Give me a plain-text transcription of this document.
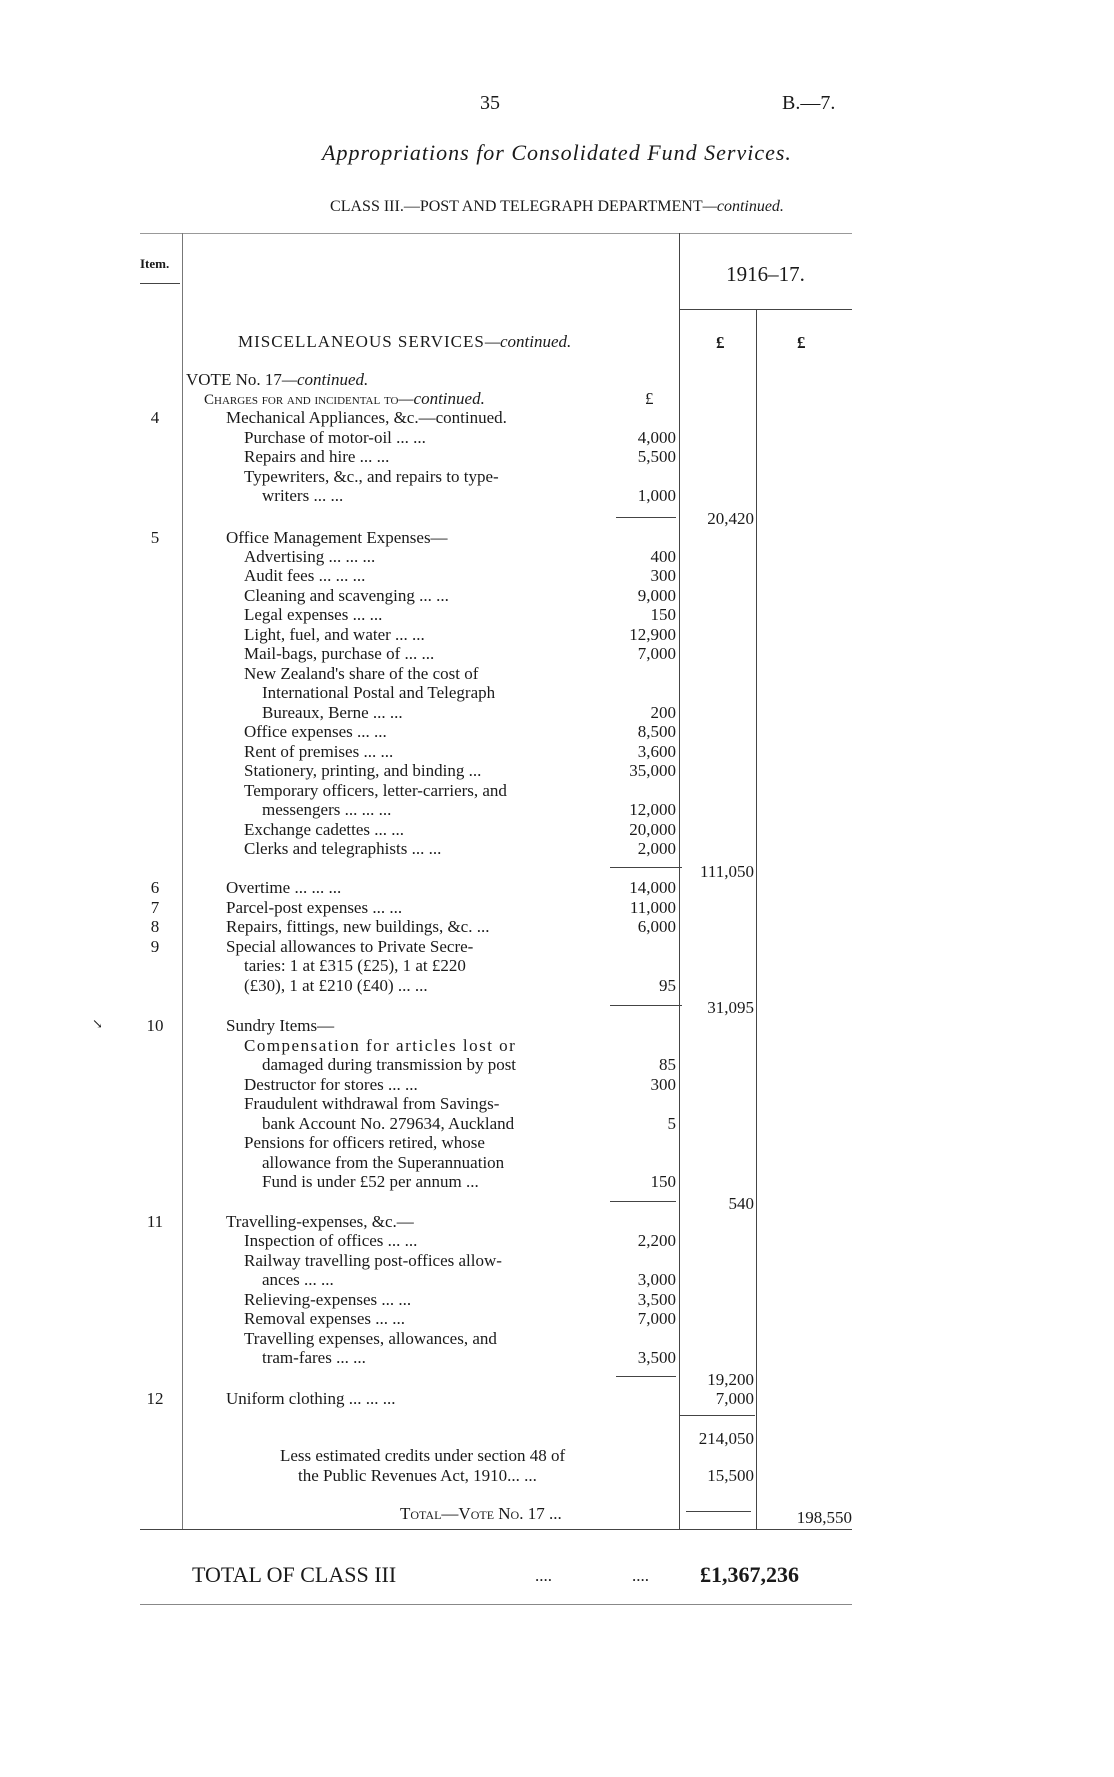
35	B.—7.
Appropriations for Consolidated Fund Services.
CLASS III.—POST AND TELEGRAPH DEPARTMENT—continued.
Item.	1916–17.
£	£
MISCELLANEOUS SERVICES—continued.
VOTE No. 17—continued.
Charges for and incidental to—continued.	£
4	Mechanical Appliances, &c.—continued.
Purchase of motor-oil ... ...	4,000
Repairs and hire ... ...	5,500
Typewriters, &c., and repairs to type-
writers ... ...	1,000
20,420
5	Office Management Expenses—
Advertising ... ... ...	400
Audit fees ... ... ...	300
Cleaning and scavenging ... ...	9,000
Legal expenses ... ...	150
Light, fuel, and water ... ...	12,900
Mail-bags, purchase of ... ...	7,000
New Zealand's share of the cost of
International Postal and Telegraph
Bureaux, Berne ... ...	200
Office expenses ... ...	8,500
Rent of premises ... ...	3,600
Stationery, printing, and binding ...	35,000
Temporary officers, letter-carriers, and
messengers ... ... ...	12,000
Exchange cadettes ... ...	20,000
Clerks and telegraphists ... ...	2,000
111,050
6	Overtime ... ... ...	14,000
7	Parcel-post expenses ... ...	11,000
8	Repairs, fittings, new buildings, &c. ...	6,000
9	Special allowances to Private Secre-
taries: 1 at £315 (£25), 1 at £220
(£30), 1 at £210 (£40) ... ...	95
31,095
↘	10	Sundry Items—
Compensation for articles lost or
damaged during transmission by post	85
Destructor for stores ... ...	300
Fraudulent withdrawal from Savings-
bank Account No. 279634, Auckland	5
Pensions for officers retired, whose
allowance from the Superannuation
Fund is under £52 per annum ...	150
540
11	Travelling-expenses, &c.—
Inspection of offices ... ...	2,200
Railway travelling post-offices allow-
ances ... ...	3,000
Relieving-expenses ... ...	3,500
Removal expenses ... ...	7,000
Travelling expenses, allowances, and
tram-fares ... ...	3,500
19,200
12	Uniform clothing ... ... ...	7,000
214,050
Less estimated credits under section 48 of
the Public Revenues Act, 1910... ...	15,500
Total—Vote No. 17 ...	198,550
TOTAL OF CLASS III	....	.... £1,367,236
